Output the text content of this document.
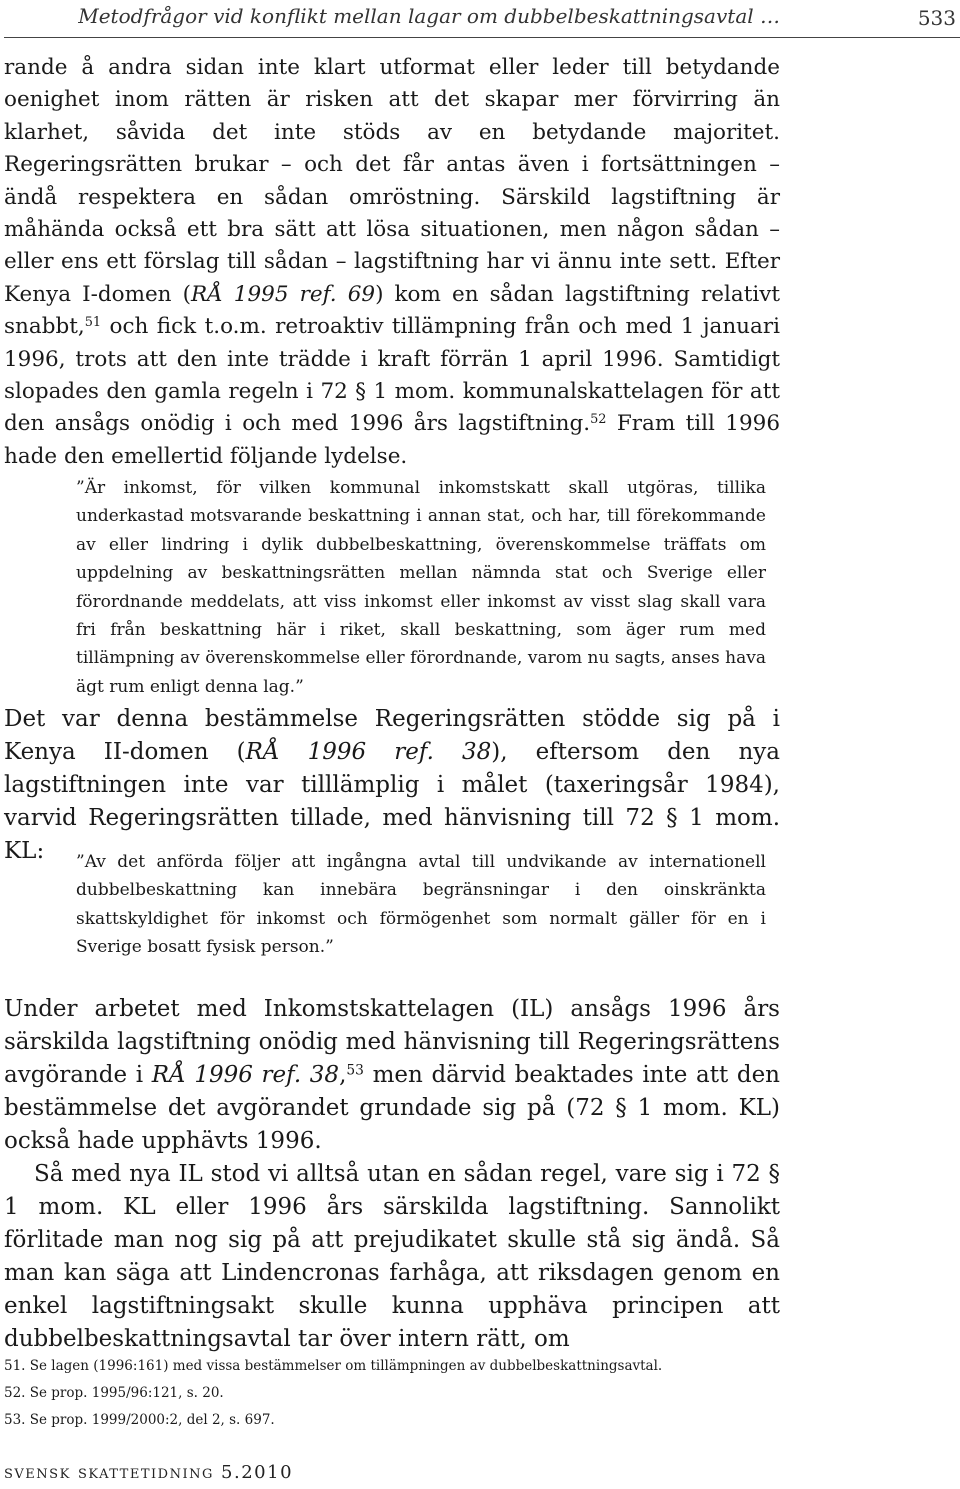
Metodfrågor vid konflikt mellan lagar om dubbelbeskattningsavtal …	533

rande å andra sidan inte klart utformat eller leder till betydande oenighet inom rätten är risken att det skapar mer förvirring än klarhet, såvida det inte stöds av en betydande majoritet. Regeringsrätten brukar – och det får antas även i fortsättningen – ändå respektera en sådan omröstning. Särskild lagstiftning är måhända också ett bra sätt att lösa situationen, men någon sådan – eller ens ett förslag till sådan – lagstiftning har vi ännu inte sett. Efter Kenya I-domen (RÅ 1995 ref. 69) kom en sådan lagstiftning relativt snabbt,$^{51}$ och fick t.o.m. retroaktiv tillämpning från och med 1 januari 1996, trots att den inte trädde i kraft förrän 1 april 1996. Samtidigt slopades den gamla regeln i 72 § 1 mom. kommunalskattelagen för att den ansågs onödig i och med 1996 års lagstiftning.$^{52}$ Fram till 1996 hade den emellertid följande lydelse.

”Är inkomst, för vilken kommunal inkomstskatt skall utgöras, tillika underkastad motsvarande beskattning i annan stat, och har, till förekommande av eller lindring i dylik dubbelbeskattning, överenskommelse träffats om uppdelning av beskattningsrätten mellan nämnda stat och Sverige eller förordnande meddelats, att viss inkomst eller inkomst av visst slag skall vara fri från beskattning här i riket, skall beskattning, som äger rum med tillämpning av överenskommelse eller förordnande, varom nu sagts, anses hava ägt rum enligt denna lag.”

Det var denna bestämmelse Regeringsrätten stödde sig på i Kenya II-domen (RÅ 1996 ref. 38), eftersom den nya lagstiftningen inte var tilllämplig i målet (taxeringsår 1984), varvid Regeringsrätten tillade, med hänvisning till 72 § 1 mom. KL:	”Av det anförda följer att ingångna avtal till undvikande av internationell dubbelbeskattning kan innebära begränsningar i den oinskränkta skattskyldighet för inkomst och förmögenhet som normalt gäller för en i Sverige bosatt fysisk person.”

Under arbetet med Inkomstskattelagen (IL) ansågs 1996 års särskilda lagstiftning onödig med hänvisning till Regeringsrättens avgörande i RÅ 1996 ref. 38,53 men därvid beaktades inte att den bestämmelse det avgörandet grundade sig på (72 § 1 mom. KL) också hade upphävts 1996.

Så med nya IL stod vi alltså utan en sådan regel, vare sig i 72 § 1 mom. KL eller 1996 års särskilda lagstiftning. Sannolikt förlitade man nog sig på att prejudikatet skulle stå sig ändå. Så man kan säga att Lindencronas farhåga, att riksdagen genom en enkel lagstiftningsakt skulle kunna upphäva principen att dubbelbeskattningsavtal tar över intern rätt, om

51. Se lagen (1996:161) med vissa bestämmelser om tillämpningen av dubbelbeskattningsavtal.
52. Se prop. 1995/96:121, s. 20.
53. Se prop. 1999/2000:2, del 2, s. 697.
svensk skattetidning 5.2010
